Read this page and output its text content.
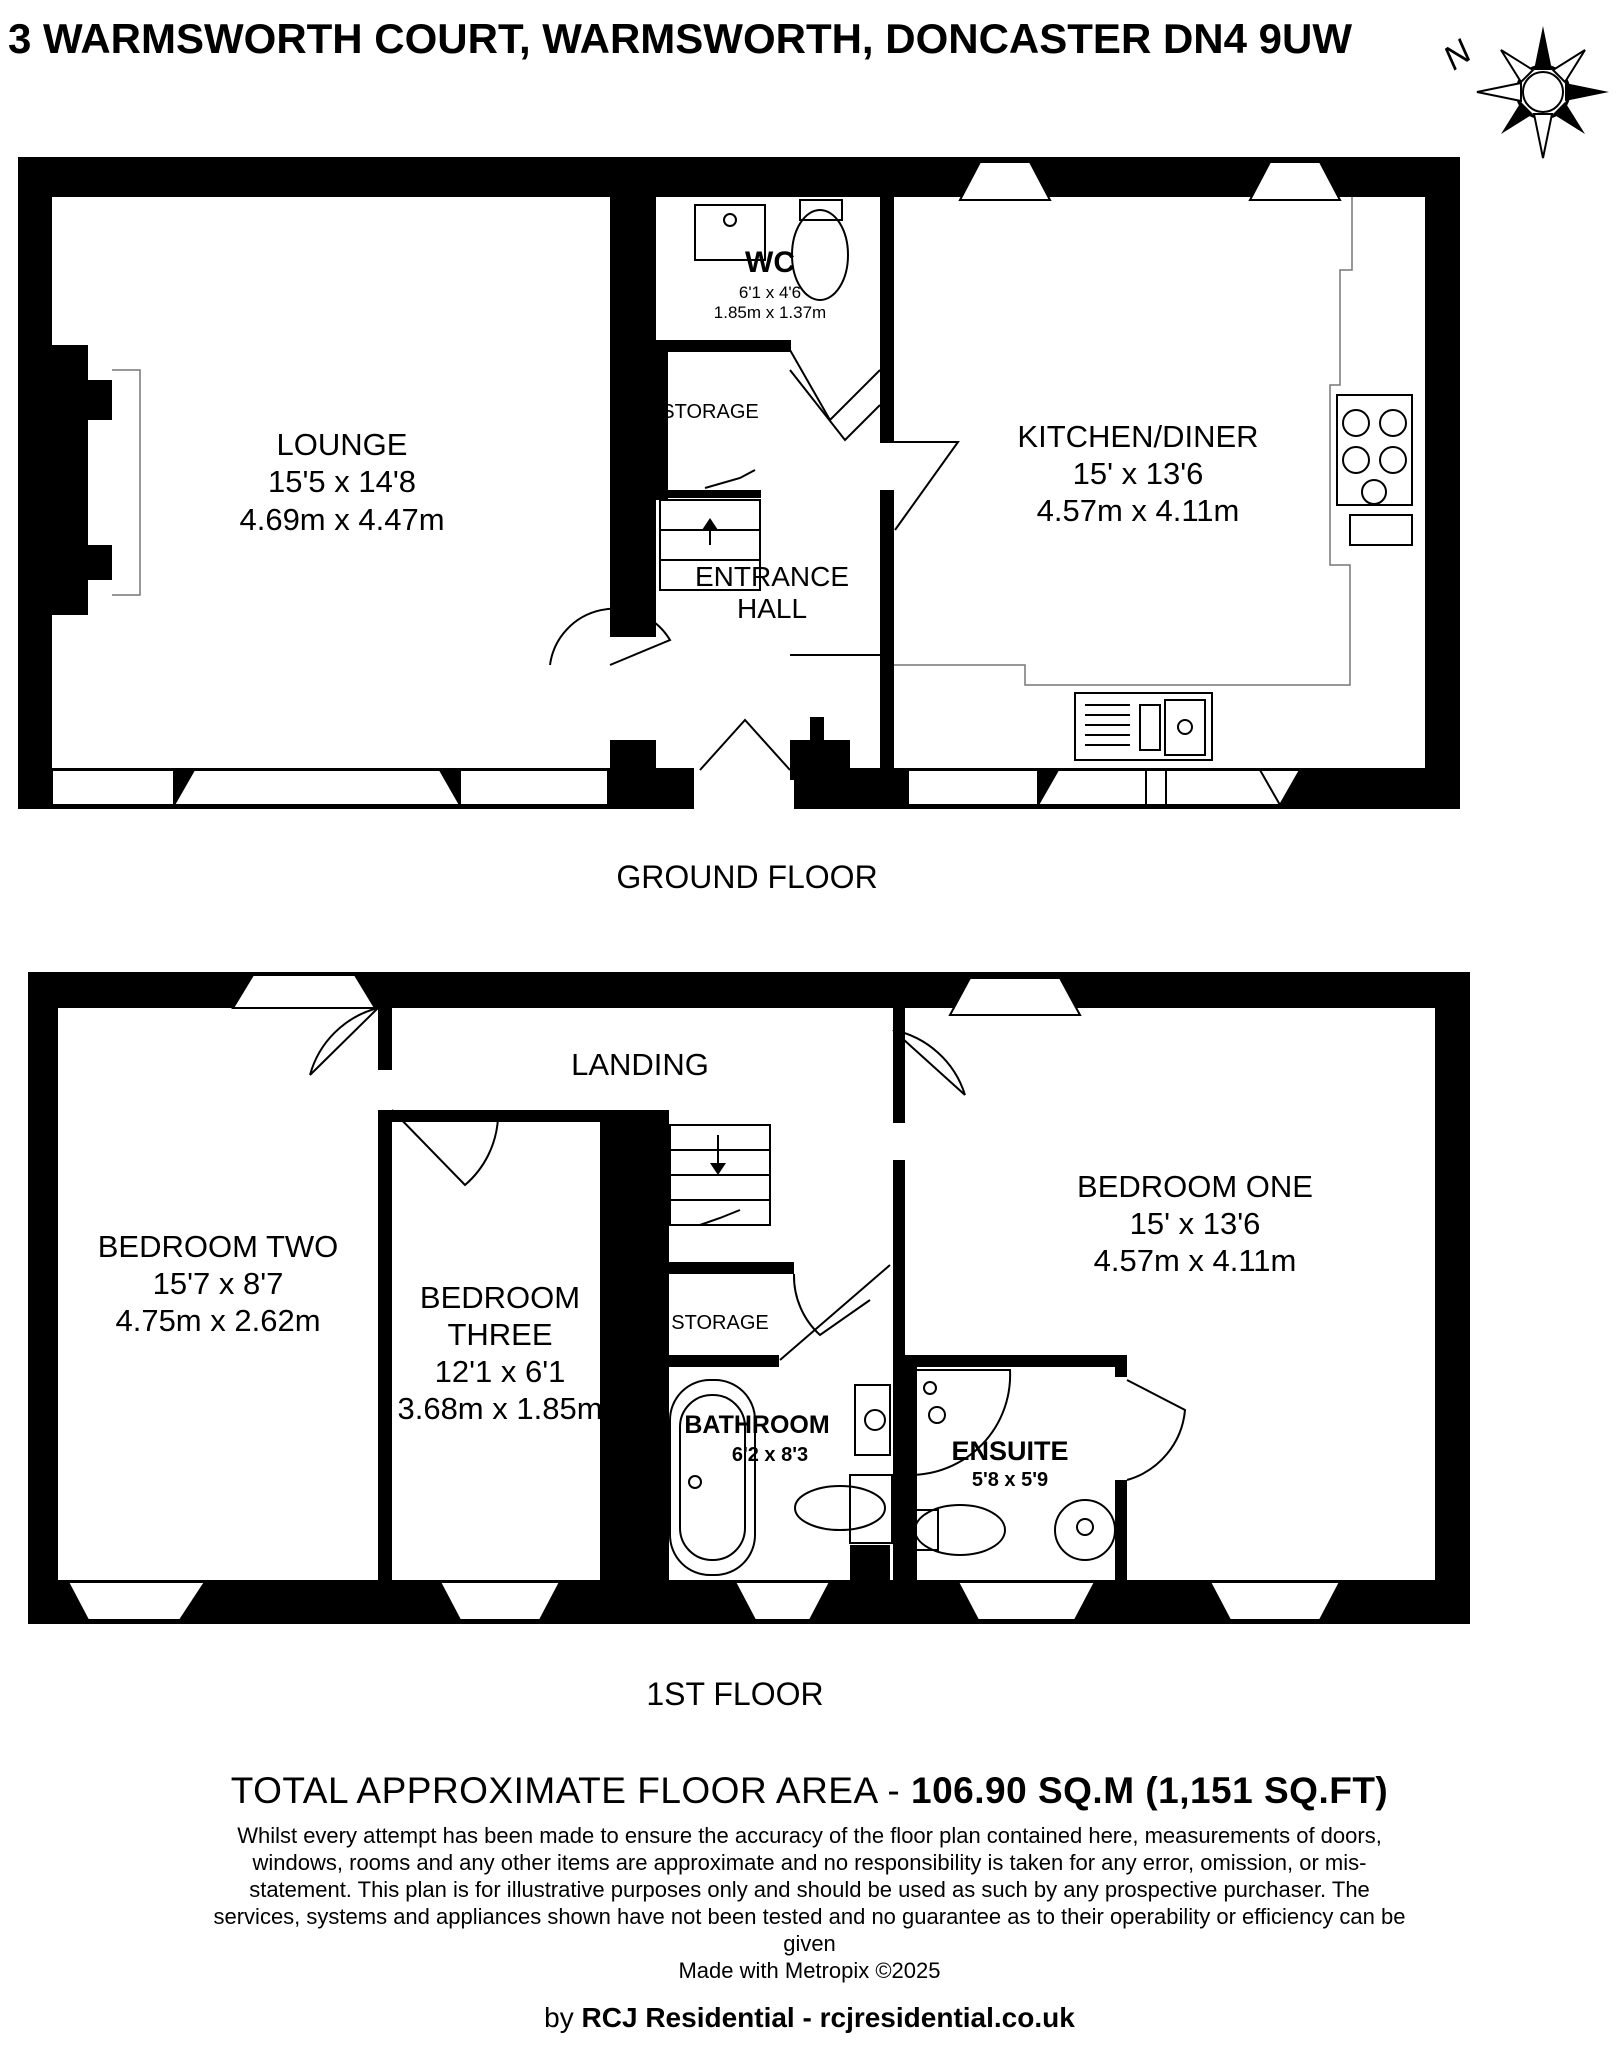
3 WARMSWORTH COURT, WARMSWORTH, DONCASTER DN4 9UW N
LOUNGE
15'5 x 14'8
4.69m x 4.47m
WC
6'1 x 4'6
1.85m x 1.37m
STORAGE
ENTRANCE
HALL
KITCHEN/DINER
15' x 13'6
4.57m x 4.11m
GROUND FLOOR
LANDING
BEDROOM TWO
15'7 x 8'7
4.75m x 2.62m
BEDROOM
THREE
12'1 x 6'1
3.68m x 1.85m
STORAGE
BATHROOM
6'2 x 8'3	ENSUITE
5'8 x 5'9
BEDROOM ONE
15' x 13'6
4.57m x 4.11m
1ST FLOOR
TOTAL APPROXIMATE FLOOR AREA - 106.90 SQ.M (1,151 SQ.FT)
Whilst every attempt has been made to ensure the accuracy of the floor plan contained here, measurements of doors, windows, rooms and any other items are approximate and no responsibility is taken for any error, omission, or mis-statement. This plan is for illustrative purposes only and should be used as such by any prospective purchaser. The services, systems and appliances shown have not been tested and no guarantee as to their operability or efficiency can be given
Made with Metropix ©2025
by RCJ Residential - rcjresidential.co.uk
